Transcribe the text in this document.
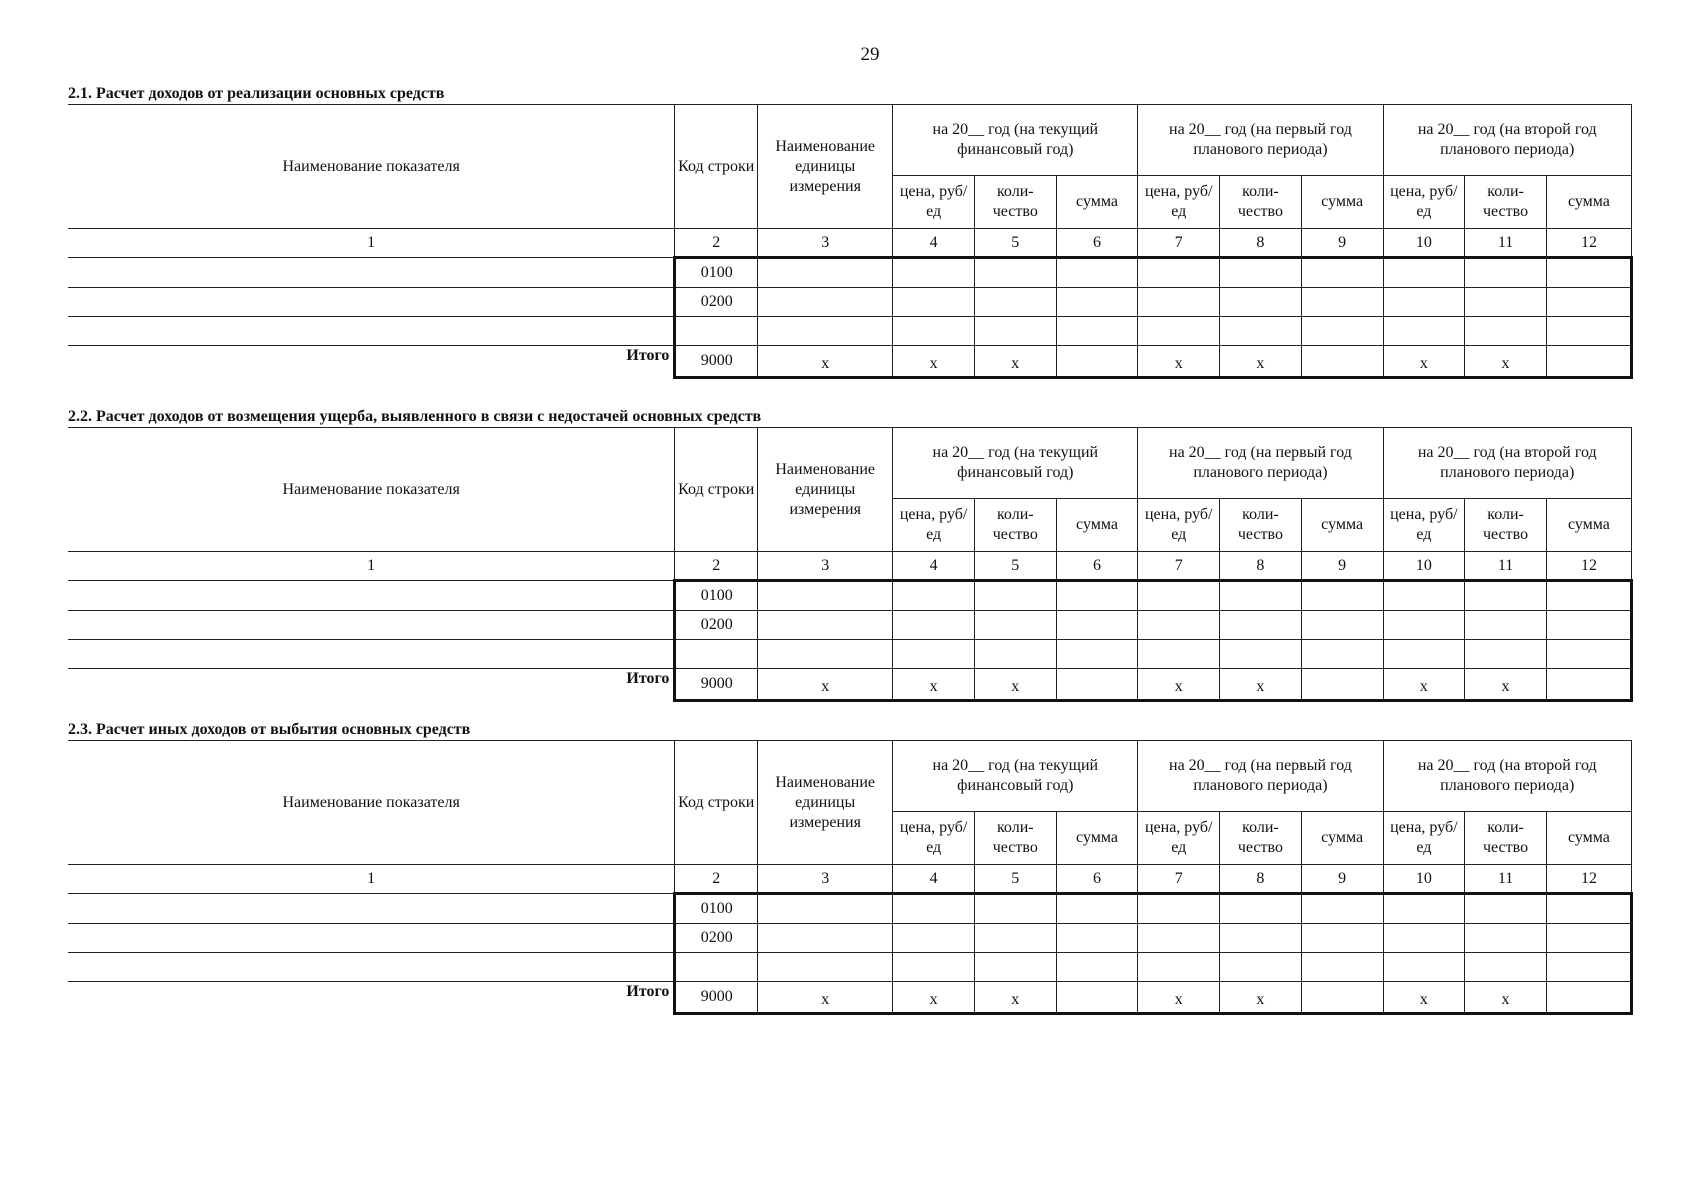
29
2.1. Расчет доходов от реализации основных средств
Наименование показателя	Код строки	Наименование единицы измерения	на 20__ год (на текущий финансовый год)			на 20__ год (на первый год планового периода)			на 20__ год (на второй год планового периода)		
			цена, руб/ед	коли-чество	сумма	цена, руб/ед	коли-чество	сумма	цена, руб/ед	коли-чество	сумма
1	2	3	4	5	6	7	8	9	10	11	12
	0100										
	0200										

Итого	9000	x	x	x		x	x		x	x	
2.2. Расчет доходов от возмещения ущерба, выявленного в связи с недостачей основных средств
Наименование показателя	Код строки	Наименование единицы измерения	на 20__ год (на текущий финансовый год)			на 20__ год (на первый год планового периода)			на 20__ год (на второй год планового периода)		
			цена, руб/ед	коли-чество	сумма	цена, руб/ед	коли-чество	сумма	цена, руб/ед	коли-чество	сумма
1	2	3	4	5	6	7	8	9	10	11	12
	0100										
	0200										

Итого	9000	x	x	x		x	x		x	x	
2.3. Расчет иных доходов от выбытия основных средств
Наименование показателя	Код строки	Наименование единицы измерения	на 20__ год (на текущий финансовый год)			на 20__ год (на первый год планового периода)			на 20__ год (на второй год планового периода)		
			цена, руб/ед	коли-чество	сумма	цена, руб/ед	коли-чество	сумма	цена, руб/ед	коли-чество	сумма
1	2	3	4	5	6	7	8	9	10	11	12
	0100										
	0200										

Итого	9000	x	x	x		x	x		x	x	
